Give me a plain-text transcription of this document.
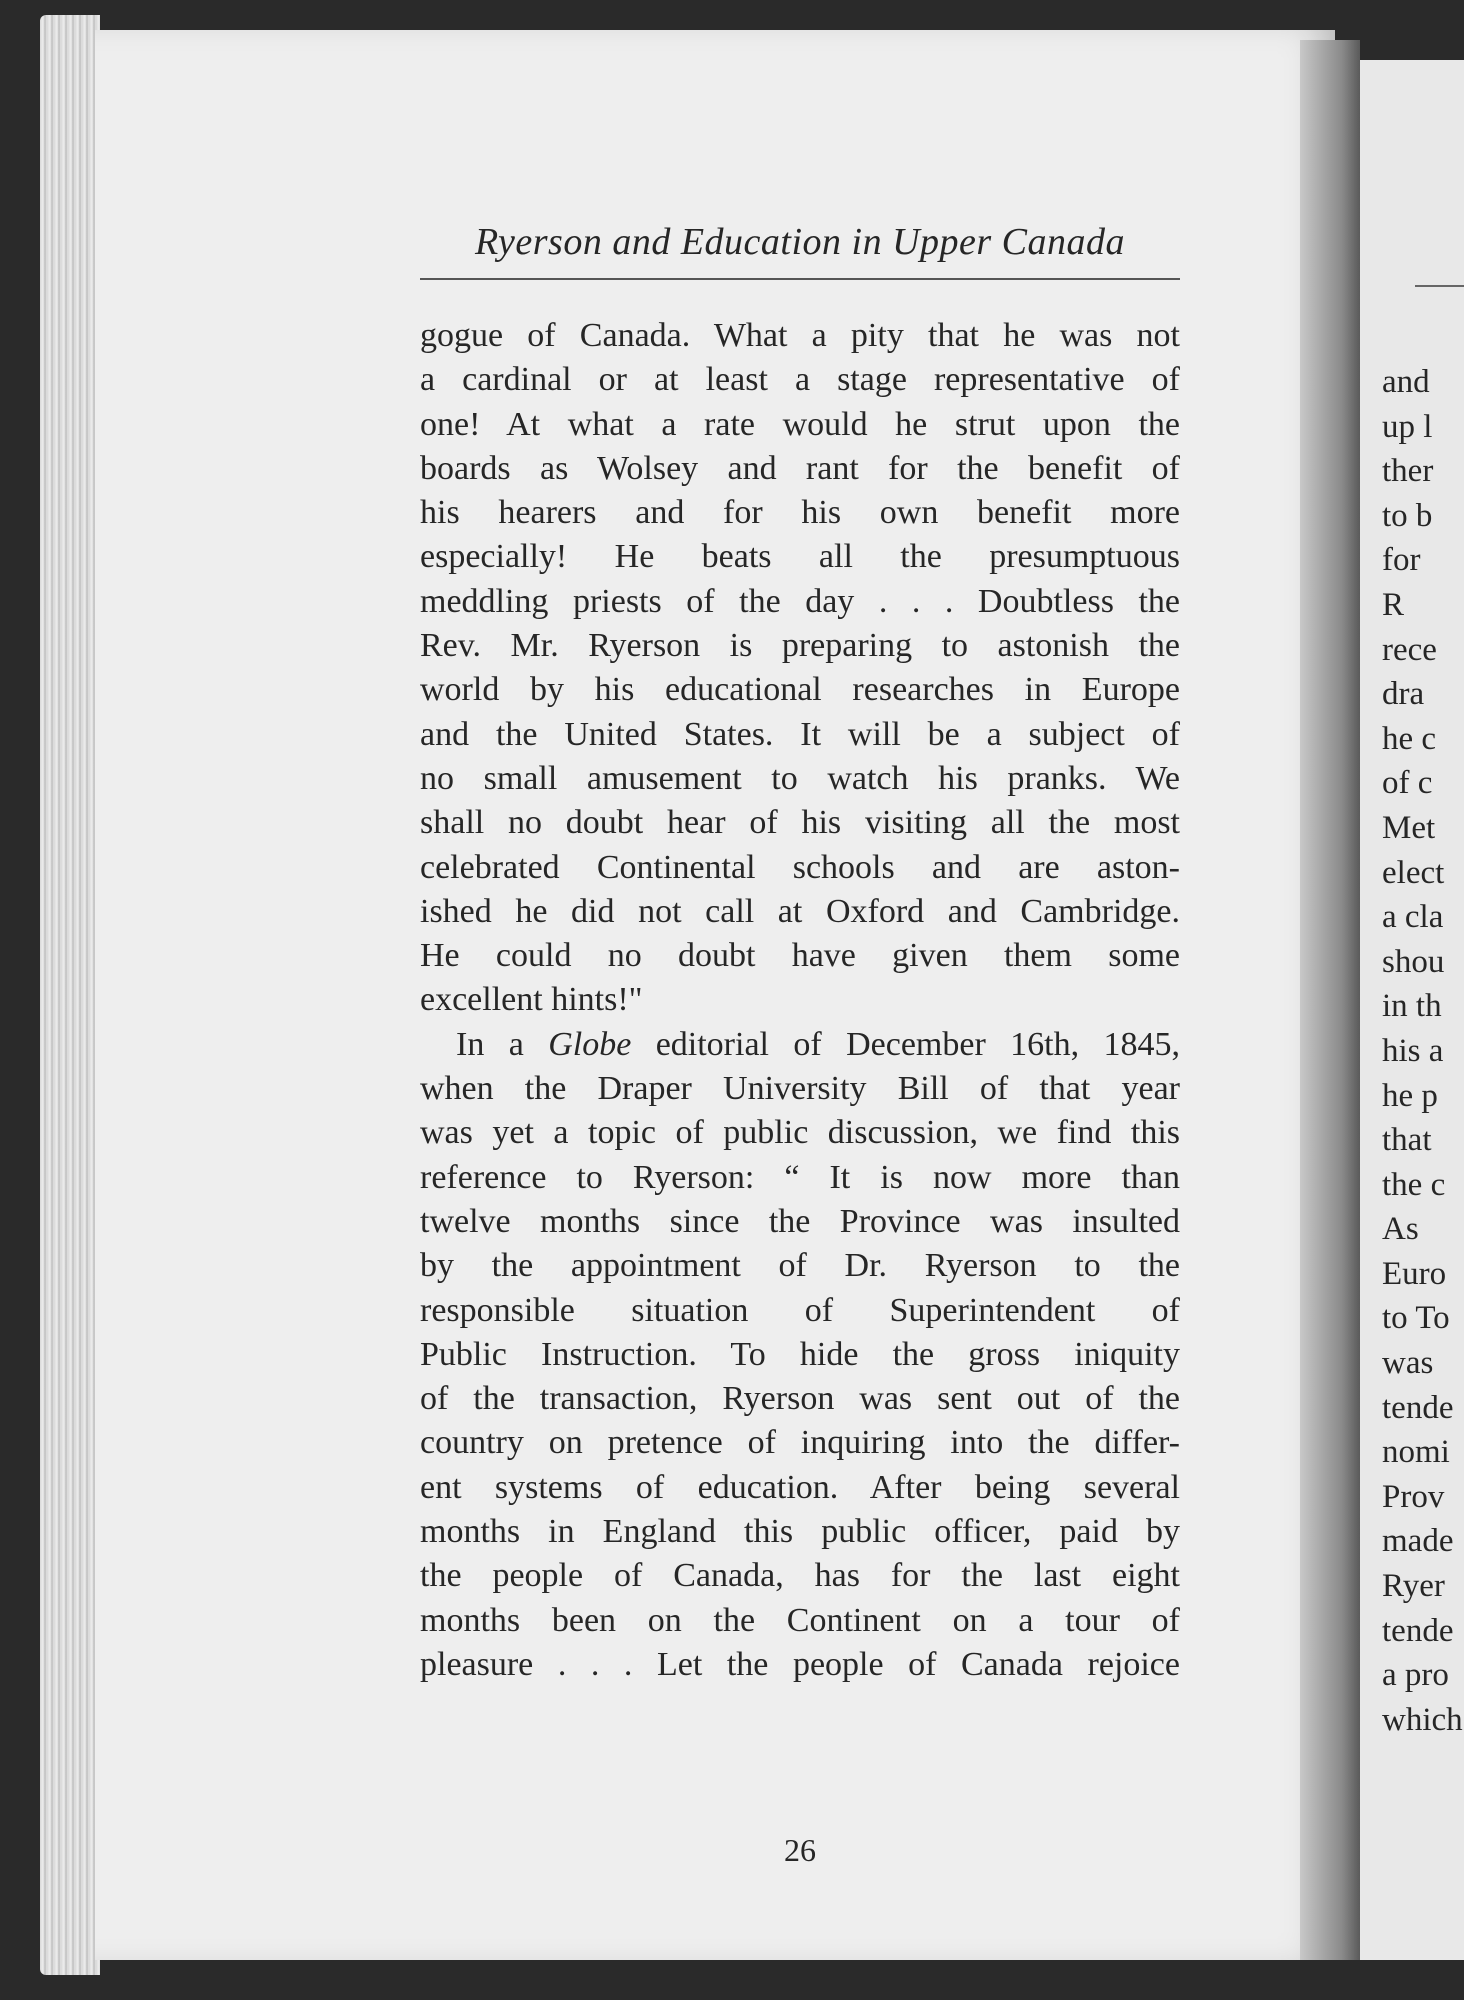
and
up l
ther
to b
for
R
rece
dra
he c
of c
Met
elect
a cla
shou
in th
his a
he p
that
the c
As
Euro
to To
was
tende
nomi
Prov
made
Ryer
tende
a pro
which
Ryerson and Education in Upper Canada
gogue of Canada. What a pity that he was not
a cardinal or at least a stage representative of
one! At what a rate would he strut upon the
boards as Wolsey and rant for the benefit of
his hearers and for his own benefit more
especially! He beats all the presumptuous
meddling priests of the day . . . Doubtless the
Rev. Mr. Ryerson is preparing to astonish the
world by his educational researches in Europe
and the United States. It will be a subject of
no small amusement to watch his pranks. We
shall no doubt hear of his visiting all the most
celebrated Continental schools and are aston-
ished he did not call at Oxford and Cambridge.
He could no doubt have given them some
excellent hints!"
In a Globe editorial of December 16th, 1845,
when the Draper University Bill of that year
was yet a topic of public discussion, we find this
reference to Ryerson: “ It is now more than
twelve months since the Province was insulted
by the appointment of Dr. Ryerson to the
responsible situation of Superintendent of
Public Instruction. To hide the gross iniquity
of the transaction, Ryerson was sent out of the
country on pretence of inquiring into the differ-
ent systems of education. After being several
months in England this public officer, paid by
the people of Canada, has for the last eight
months been on the Continent on a tour of
pleasure . . . Let the people of Canada rejoice
26
